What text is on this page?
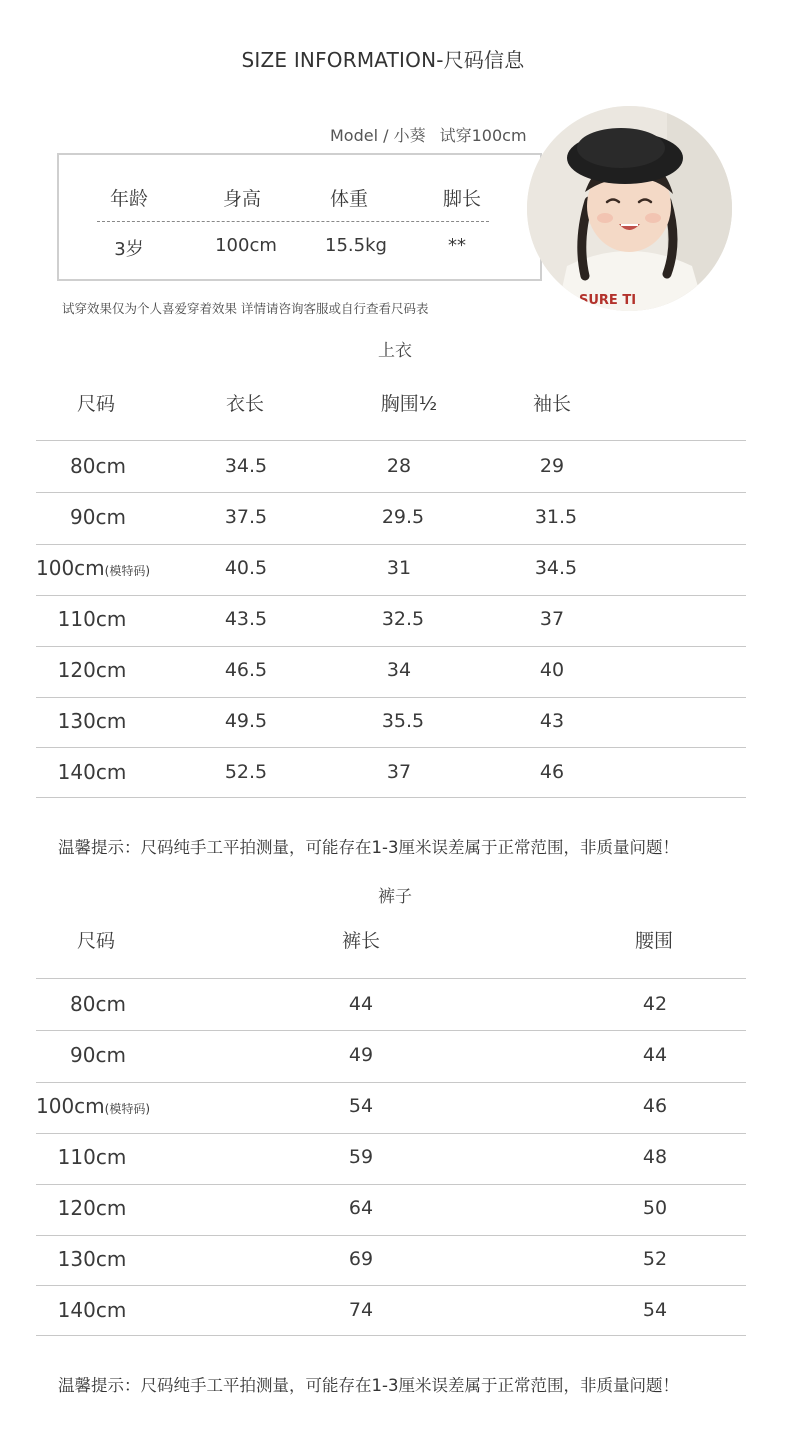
SIZE INFORMATION-尺码信息
Model / 小葵 试穿100cm
年龄	身高	体重	脚长
3岁	100cm	15.5kg	**
SURE TI
试穿效果仅为个人喜爱穿着效果 详情请咨询客服或自行查看尺码表
上衣
尺码	衣长	胸围½	袖长
80cm	34.5	28	29
90cm	37.5	29.5	31.5
100cm(模特码)	40.5	31	34.5
110cm	43.5	32.5	37
120cm	46.5	34	40
130cm	49.5	35.5	43
140cm	52.5	37	46
温馨提示：尺码纯手工平拍测量，可能存在1-3厘米误差属于正常范围，非质量问题！
裤子
尺码	裤长	腰围
80cm	44	42
90cm	49	44
100cm(模特码)	54	46
110cm	59	48
120cm	64	50
130cm	69	52
140cm	74	54
温馨提示：尺码纯手工平拍测量，可能存在1-3厘米误差属于正常范围，非质量问题！
